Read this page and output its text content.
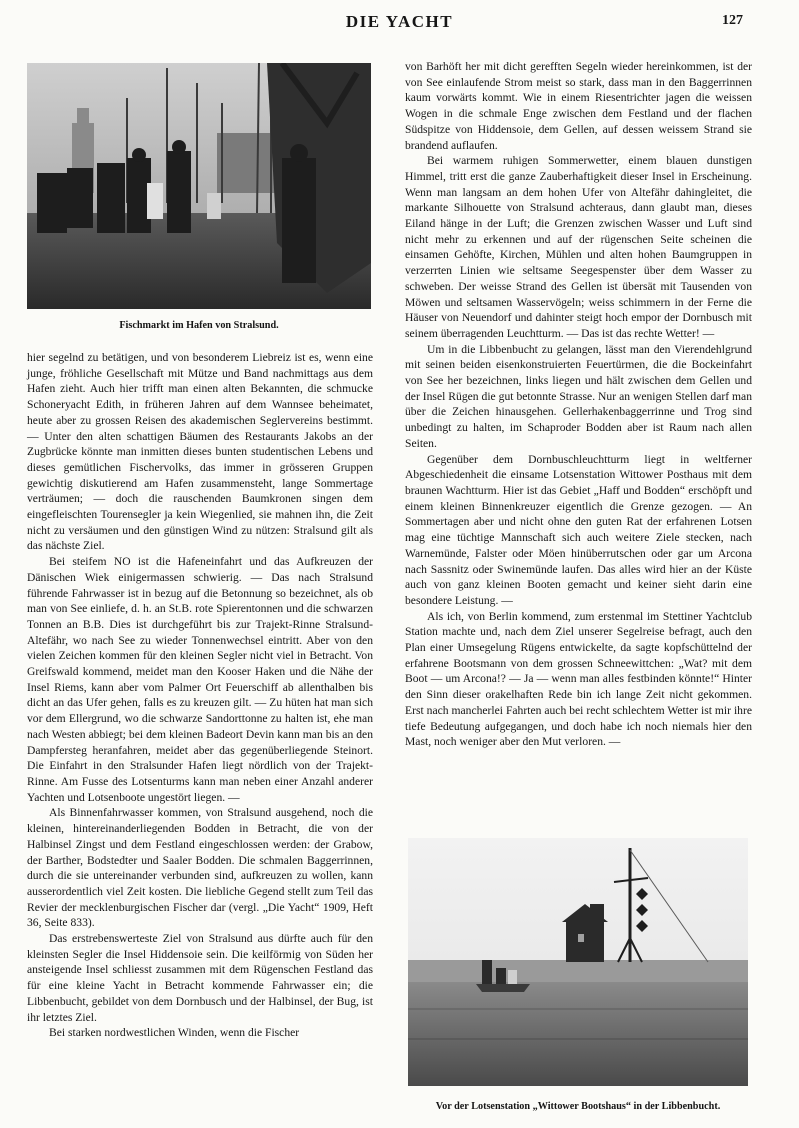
DIE YACHT	127
Fischmarkt im Hafen von Stralsund.

hier segelnd zu betätigen, und von besonderem Liebreiz ist es, wenn eine junge, fröhliche Gesellschaft mit Mütze und Band nachmittags aus dem Hafen zieht. Auch hier trifft man einen alten Bekannten, die schmucke Schoneryacht Edith, in früheren Jahren auf dem Wannsee beheimatet, heute aber zu grossen Reisen des akademischen Seglervereins bestimmt. — Unter den alten schattigen Bäumen des Restaurants Jakobs an der Zugbrücke könnte man inmitten dieses bunten studentischen Lebens und dieses gemütlichen Fischervolks, das immer in grösseren Gruppen gewichtig diskutierend am Hafen zusammensteht, lange Sommertage verträumen; — doch die rauschenden Baumkronen singen dem eingefleischten Tourensegler ja kein Wiegenlied, sie mahnen ihn, die Zeit nicht zu versäumen und den günstigen Wind zu nützen: Stralsund gilt als das nächste Ziel.

Bei steifem NO ist die Hafeneinfahrt und das Aufkreuzen der Dänischen Wiek einigermassen schwierig. — Das nach Stralsund führende Fahrwasser ist in bezug auf die Betonnung so bezeichnet, als ob man von See einliefe, d. h. an St.B. rote Spierentonnen und die schwarzen Tonnen an B.B. Dies ist durchgeführt bis zur Trajekt-Rinne Stralsund-Altefähr, wo nach See zu wieder Tonnenwechsel eintritt. Aber von den vielen Zeichen kommen für den kleinen Segler nicht viel in Betracht. Von Greifswald kommend, meidet man den Kooser Haken und die Nähe der Insel Riems, kann aber vom Palmer Ort Feuerschiff ab allenthalben bis dicht an das Ufer gehen, falls es zu kreuzen gilt. — Zu hüten hat man sich vor dem Ellergrund, wo die schwarze Sandorttonne zu halten ist, ehe man nach Westen abbiegt; bei dem kleinen Badeort Devin kann man bis an den Dampfersteg heranfahren, meidet aber das gegenüberliegende Steinort. Die Einfahrt in den Stralsunder Hafen liegt nördlich von der Trajekt-Rinne. Am Fusse des Lotsenturms kann man neben einer Anzahl anderer Yachten und Lotsenboote ungestört liegen. —

Als Binnenfahrwasser kommen, von Stralsund ausgehend, noch die kleinen, hintereinanderliegenden Bodden in Betracht, die von der Halbinsel Zingst und dem Festland eingeschlossen werden: der Grabow, der Barther, Bodstedter und Saaler Bodden. Die schmalen Baggerrinnen, durch die sie untereinander verbunden sind, aufkreuzen zu wollen, kann ausserordentlich viel Zeit kosten. Die liebliche Gegend stellt zum Teil das Revier der mecklenburgischen Fischer dar (vergl. „Die Yacht“ 1909, Heft 36, Seite 833).

Das erstrebenswerteste Ziel von Stralsund aus dürfte auch für den kleinsten Segler die Insel Hiddensoie sein. Die keilförmig von Süden her ansteigende Insel schliesst zusammen mit dem Rügenschen Festland das für eine kleine Yacht in Betracht kommende Fahrwasser ein; die Libbenbucht, gebildet von dem Dornbusch und der Halbinsel, der Bug, ist ihr letztes Ziel.

Bei starken nordwestlichen Winden, wenn die Fischer

von Barhöft her mit dicht gerefften Segeln wieder hereinkommen, ist der von See einlaufende Strom meist so stark, dass man in den Baggerrinnen kaum vorwärts kommt. Wie in einem Riesentrichter jagen die weissen Wogen in die schmale Enge zwischen dem Festland und der flachen Südspitze von Hiddensoie, dem Gellen, auf dessen weissem Strand sie brandend auflaufen.

Bei warmem ruhigen Sommerwetter, einem blauen dunstigen Himmel, tritt erst die ganze Zauberhaftigkeit dieser Insel in Erscheinung. Wenn man langsam an dem hohen Ufer von Altefähr dahingleitet, die markante Silhouette von Stralsund achteraus, dann glaubt man, dieses Eiland hänge in der Luft; die Grenzen zwischen Wasser und Luft sind nicht mehr zu erkennen und auf der rügenschen Seite scheinen die einsamen Gehöfte, Kirchen, Mühlen und alten hohen Baumgruppen in verzerrten Linien wie seltsame Seegespenster über dem Wasser zu schweben. Der weisse Strand des Gellen ist übersät mit Tausenden von Möwen und seltsamen Wasservögeln; weiss schimmern in der Ferne die Häuser von Neuendorf und dahinter steigt hoch empor der Dornbusch mit seinem überragenden Leuchtturm. — Das ist das rechte Wetter! —

Um in die Libbenbucht zu gelangen, lässt man den Vierendehlgrund mit seinen beiden eisenkonstruierten Feuertürmen, die die Bockeinfahrt von See her bezeichnen, links liegen und hält zwischen dem Gellen und der Insel Rügen die gut betonnte Strasse. Nur an wenigen Stellen darf man über die Zeichen hinausgehen. Gellerhakenbaggerrinne und Trog sind unbedingt zu halten, im Schaproder Bodden aber ist Raum nach allen Seiten.

Gegenüber dem Dornbuschleuchtturm liegt in weltferner Abgeschiedenheit die einsame Lotsenstation Wittower Posthaus mit dem braunen Wachtturm. Hier ist das Gebiet „Haff und Bodden“ erschöpft und einem kleinen Binnenkreuzer eigentlich die Grenze gezogen. — An Sommertagen aber und nicht ohne den guten Rat der erfahrenen Lotsen mag eine tüchtige Mannschaft sich auch weitere Ziele stecken, nach Warnemünde, Falster oder Möen hinüberrutschen oder gar um Arcona nach Sassnitz oder Swinemünde laufen. Das alles wird hier an der Küste auch von ganz kleinen Booten gemacht und keiner sieht darin eine besondere Leistung. —

Als ich, von Berlin kommend, zum erstenmal im Stettiner Yachtclub Station machte und, nach dem Ziel unserer Segelreise befragt, auch den Plan einer Umsegelung Rügens entwickelte, da sagte kopfschüttelnd der erfahrene Bootsmann von dem grossen Schneewittchen: „Wat? mit dem Boot — um Arcona!? — Ja — wenn man alles festbinden könnte!“ Hinter den Sinn dieser orakelhaften Rede bin ich lange Zeit nicht gekommen. Erst nach mancherlei Fahrten auch bei recht schlechtem Wetter ist mir ihre tiefe Bedeutung aufgegangen, und doch habe ich noch niemals hier den Mast, noch weniger aber den Mut verloren. —

Vor der Lotsenstation „Wittower Bootshaus“ in der Libbenbucht.
